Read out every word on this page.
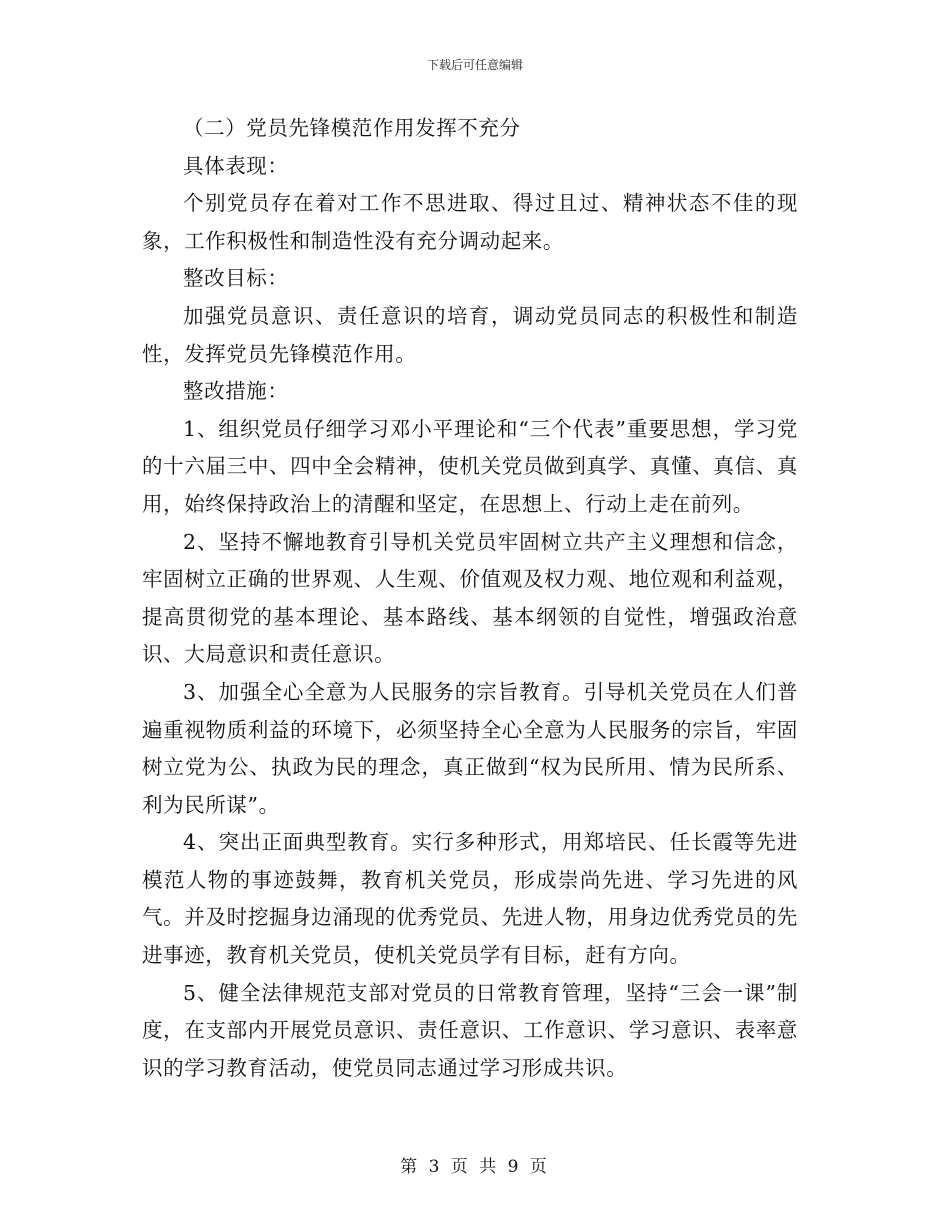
下载后可任意编辑

（二）党员先锋模范作用发挥不充分

具体表现：

个别党员存在着对工作不思进取、得过且过、精神状态不佳的现象，工作积极性和制造性没有充分调动起来。

整改目标：

加强党员意识、责任意识的培育，调动党员同志的积极性和制造性，发挥党员先锋模范作用。

整改措施：

1、组织党员仔细学习邓小平理论和“三个代表”重要思想，学习党的十六届三中、四中全会精神，使机关党员做到真学、真懂、真信、真用，始终保持政治上的清醒和坚定，在思想上、行动上走在前列。

2、坚持不懈地教育引导机关党员牢固树立共产主义理想和信念，牢固树立正确的世界观、人生观、价值观及权力观、地位观和利益观，提高贯彻党的基本理论、基本路线、基本纲领的自觉性，增强政治意识、大局意识和责任意识。

3、加强全心全意为人民服务的宗旨教育。引导机关党员在人们普遍重视物质利益的环境下，必须坚持全心全意为人民服务的宗旨，牢固树立党为公、执政为民的理念，真正做到“权为民所用、情为民所系、利为民所谋”。

4、突出正面典型教育。实行多种形式，用郑培民、任长霞等先进模范人物的事迹鼓舞，教育机关党员，形成崇尚先进、学习先进的风气。并及时挖掘身边涌现的优秀党员、先进人物，用身边优秀党员的先进事迹，教育机关党员，使机关党员学有目标，赶有方向。

5、健全法律规范支部对党员的日常教育管理，坚持“三会一课”制度，在支部内开展党员意识、责任意识、工作意识、学习意识、表率意识的学习教育活动，使党员同志通过学习形成共识。

第 3 页 共 9 页
